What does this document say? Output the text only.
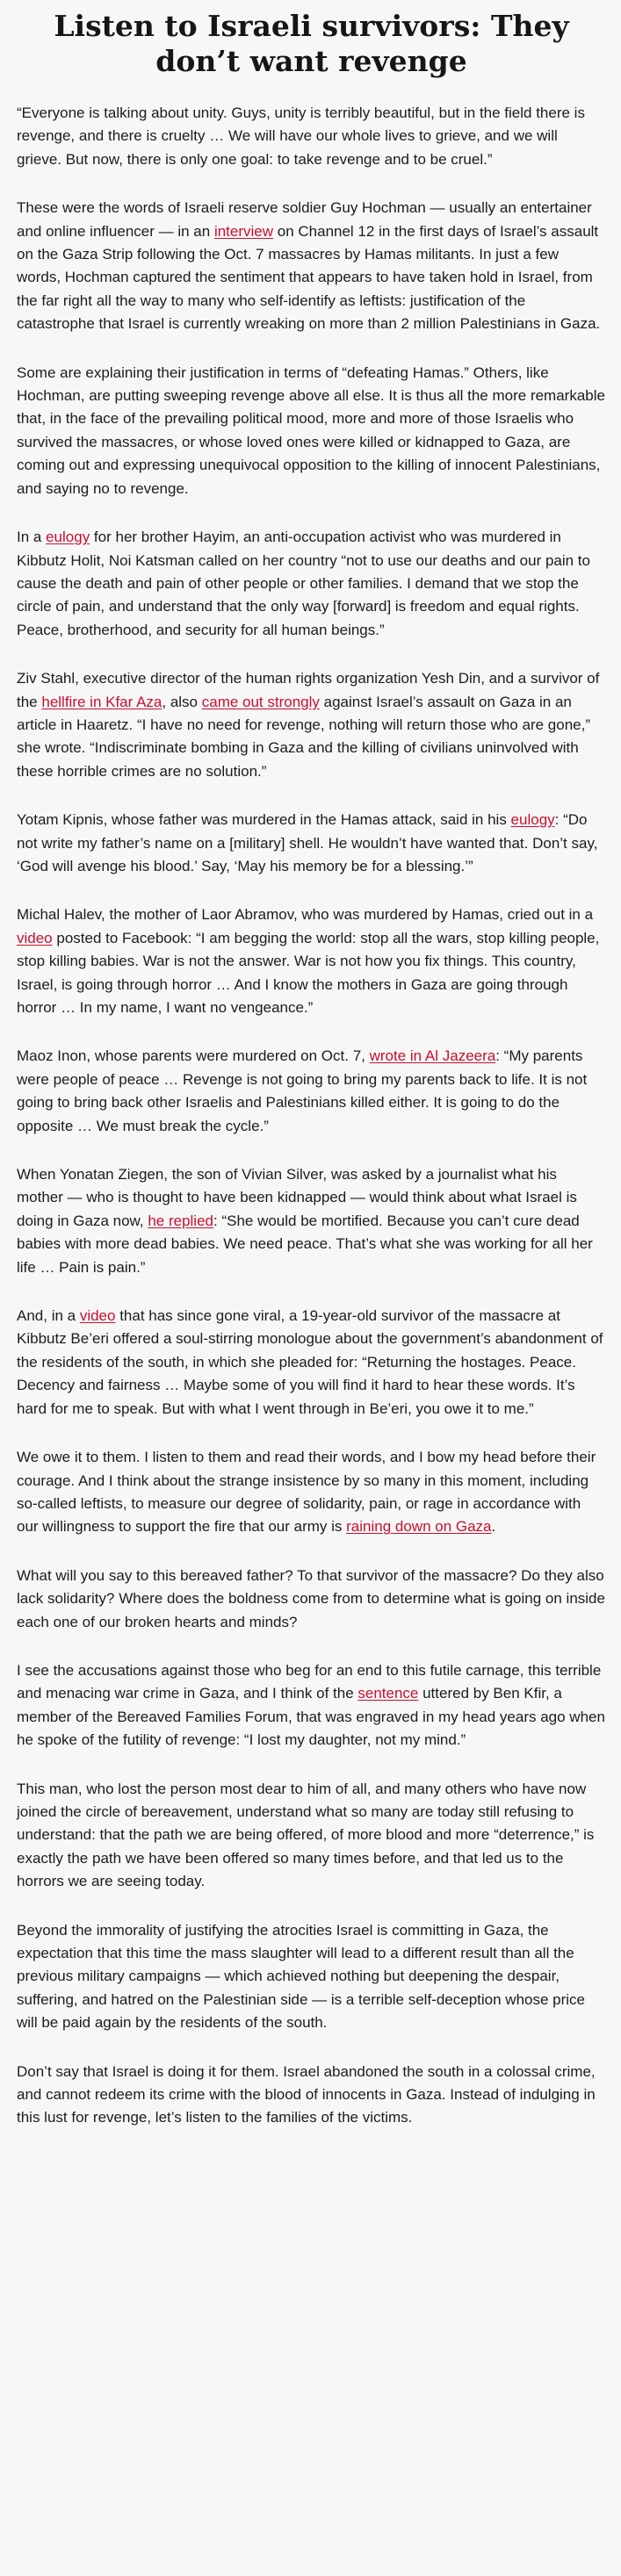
Listen to Israeli survivors: They don’t want revenge

“Everyone is talking about unity. Guys, unity is terribly beautiful, but in the field there is revenge, and there is cruelty … We will have our whole lives to grieve, and we will grieve. But now, there is only one goal: to take revenge and to be cruel.”

These were the words of Israeli reserve soldier Guy Hochman — usually an entertainer and online influencer — in an interview on Channel 12 in the first days of Israel’s assault on the Gaza Strip following the Oct. 7 massacres by Hamas militants. In just a few words, Hochman captured the sentiment that appears to have taken hold in Israel, from the far right all the way to many who self-identify as leftists: justification of the catastrophe that Israel is currently wreaking on more than 2 million Palestinians in Gaza.

Some are explaining their justification in terms of “defeating Hamas.” Others, like Hochman, are putting sweeping revenge above all else. It is thus all the more remarkable that, in the face of the prevailing political mood, more and more of those Israelis who survived the massacres, or whose loved ones were killed or kidnapped to Gaza, are coming out and expressing unequivocal opposition to the killing of innocent Palestinians, and saying no to revenge.

In a eulogy for her brother Hayim, an anti-occupation activist who was murdered in Kibbutz Holit, Noi Katsman called on her country “not to use our deaths and our pain to cause the death and pain of other people or other families. I demand that we stop the circle of pain, and understand that the only way [forward] is freedom and equal rights. Peace, brotherhood, and security for all human beings.”

Ziv Stahl, executive director of the human rights organization Yesh Din, and a survivor of the hellfire in Kfar Aza, also came out strongly against Israel’s assault on Gaza in an article in Haaretz. “I have no need for revenge, nothing will return those who are gone,” she wrote. “Indiscriminate bombing in Gaza and the killing of civilians uninvolved with these horrible crimes are no solution.”

Yotam Kipnis, whose father was murdered in the Hamas attack, said in his eulogy: “Do not write my father’s name on a [military] shell. He wouldn’t have wanted that. Don’t say, ‘God will avenge his blood.’ Say, ‘May his memory be for a blessing.’”

Michal Halev, the mother of Laor Abramov, who was murdered by Hamas, cried out in a video posted to Facebook: “I am begging the world: stop all the wars, stop killing people, stop killing babies. War is not the answer. War is not how you fix things. This country, Israel, is going through horror … And I know the mothers in Gaza are going through horror … In my name, I want no vengeance.”

Maoz Inon, whose parents were murdered on Oct. 7, wrote in Al Jazeera: “My parents were people of peace … Revenge is not going to bring my parents back to life. It is not going to bring back other Israelis and Palestinians killed either. It is going to do the opposite … We must break the cycle.”

When Yonatan Ziegen, the son of Vivian Silver, was asked by a journalist what his mother — who is thought to have been kidnapped — would think about what Israel is doing in Gaza now, he replied: “She would be mortified. Because you can’t cure dead babies with more dead babies. We need peace. That’s what she was working for all her life … Pain is pain.”

And, in a video that has since gone viral, a 19-year-old survivor of the massacre at Kibbutz Be’eri offered a soul-stirring monologue about the government’s abandonment of the residents of the south, in which she pleaded for: “Returning the hostages. Peace. Decency and fairness … Maybe some of you will find it hard to hear these words. It’s hard for me to speak. But with what I went through in Be’eri, you owe it to me.”

We owe it to them. I listen to them and read their words, and I bow my head before their courage. And I think about the strange insistence by so many in this moment, including so-called leftists, to measure our degree of solidarity, pain, or rage in accordance with our willingness to support the fire that our army is raining down on Gaza.

What will you say to this bereaved father? To that survivor of the massacre? Do they also lack solidarity? Where does the boldness come from to determine what is going on inside each one of our broken hearts and minds?

I see the accusations against those who beg for an end to this futile carnage, this terrible and menacing war crime in Gaza, and I think of the sentence uttered by Ben Kfir, a member of the Bereaved Families Forum, that was engraved in my head years ago when he spoke of the futility of revenge: “I lost my daughter, not my mind.”

This man, who lost the person most dear to him of all, and many others who have now joined the circle of bereavement, understand what so many are today still refusing to understand: that the path we are being offered, of more blood and more “deterrence,” is exactly the path we have been offered so many times before, and that led us to the horrors we are seeing today.

Beyond the immorality of justifying the atrocities Israel is committing in Gaza, the expectation that this time the mass slaughter will lead to a different result than all the previous military campaigns — which achieved nothing but deepening the despair, suffering, and hatred on the Palestinian side — is a terrible self-deception whose price will be paid again by the residents of the south.

Don’t say that Israel is doing it for them. Israel abandoned the south in a colossal crime, and cannot redeem its crime with the blood of innocents in Gaza. Instead of indulging in this lust for revenge, let’s listen to the families of the victims.
